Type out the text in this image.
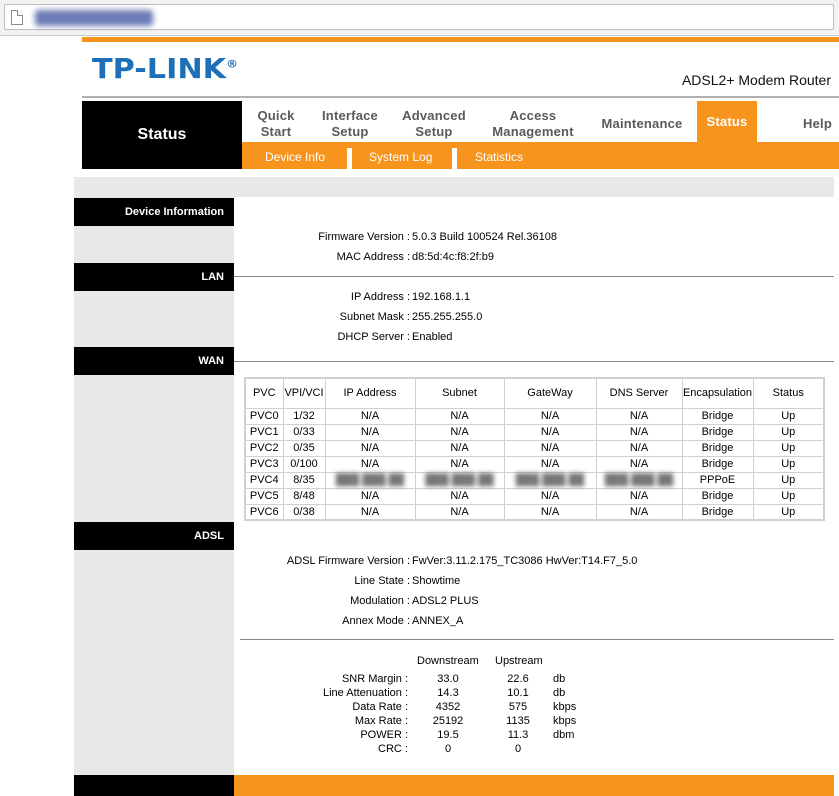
TP-LINK®
ADSL2+ Modem Router
Status
Quick
Start
Interface
Setup
Advanced
Setup
Access
Management
Maintenance	Status	Help
Device Info	System Log	Statistics
Device Information
Firmware Version : 5.0.3 Build 100524 Rel.36108
MAC Address : d8:5d:4c:f8:2f:b9
LAN
IP Address : 192.168.1.1
Subnet Mask : 255.255.255.0
DHCP Server : Enabled
WAN
PVC	VPI/VCI	IP Address	Subnet	GateWay	DNS Server	Encapsulation	Status
PVC0	1/32	N/A	N/A	N/A	N/A	Bridge	Up
PVC1	0/33	N/A	N/A	N/A	N/A	Bridge	Up
PVC2	0/35	N/A	N/A	N/A	N/A	Bridge	Up
PVC3	0/100	N/A	N/A	N/A	N/A	Bridge	Up
PVC4	8/35	███.███.██	███.███.██	███.███.██	███.███.██	PPPoE	Up
PVC5	8/48	N/A	N/A	N/A	N/A	Bridge	Up
PVC6	0/38	N/A	N/A	N/A	N/A	Bridge	Up
ADSL
ADSL Firmware Version : FwVer:3.11.2.175_TC3086 HwVer:T14.F7_5.0
Line State : Showtime
Modulation : ADSL2 PLUS
Annex Mode : ANNEX_A
Downstream Upstream
SNR Margin :	33.0	22.6	db
Line Attenuation :	14.3	10.1	db
Data Rate :	4352	575	kbps
Max Rate :	25192	1135	kbps
POWER :	19.5	11.3	dbm
CRC :	0	0
